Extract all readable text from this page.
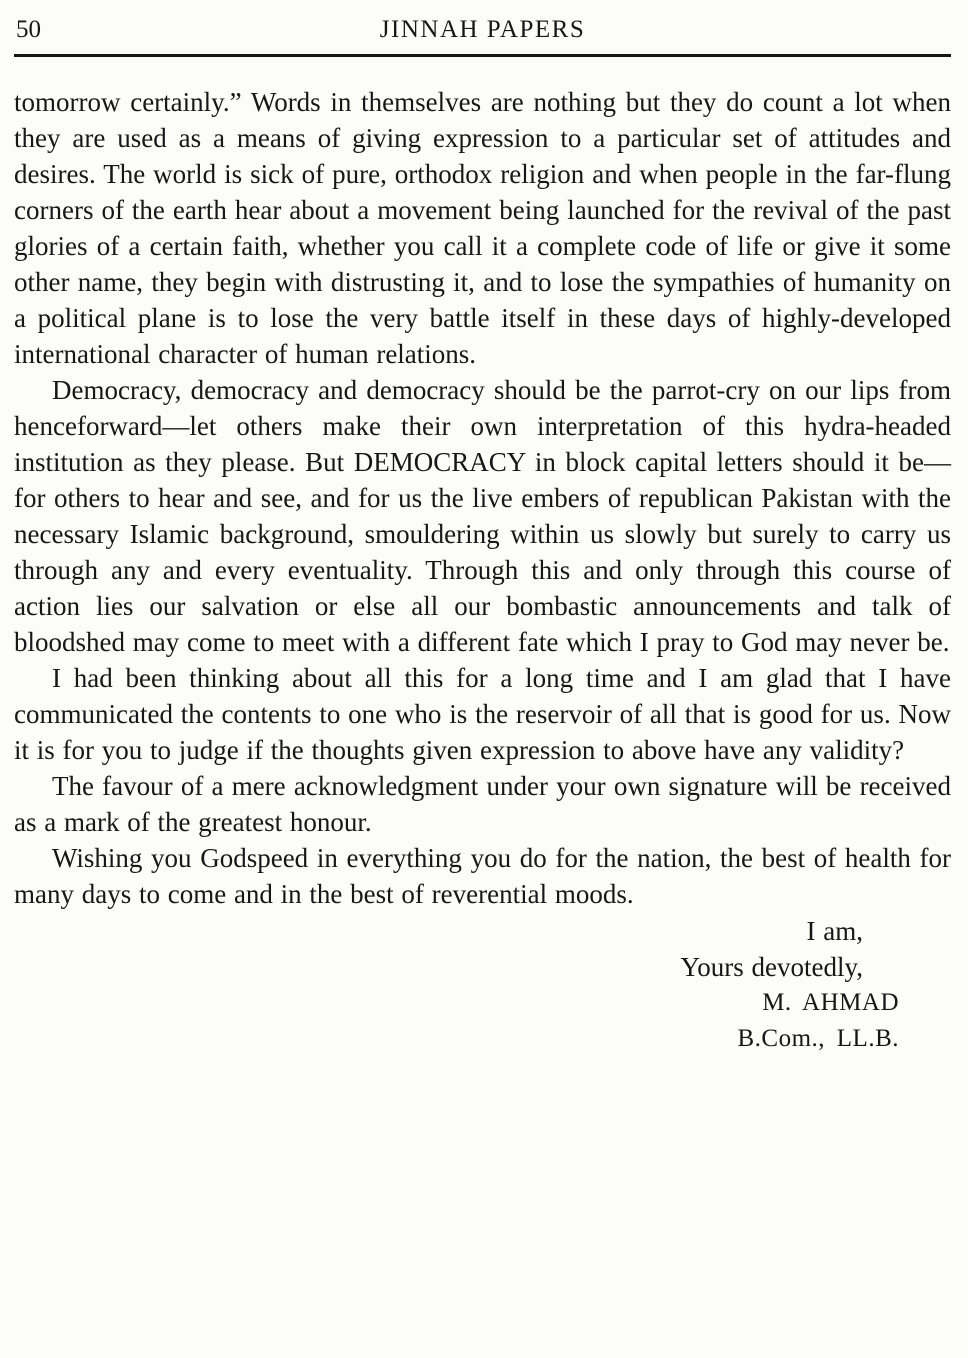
50	JINNAH PAPERS

tomorrow certainly.” Words in themselves are nothing but they do count a lot when they are used as a means of giving expression to a particular set of attitudes and desires. The world is sick of pure, orthodox religion and when people in the far-flung corners of the earth hear about a movement being launched for the revival of the past glories of a certain faith, whether you call it a complete code of life or give it some other name, they begin with distrusting it, and to lose the sympathies of humanity on a political plane is to lose the very battle itself in these days of highly-developed international character of human relations.

Democracy, democracy and democracy should be the parrot-cry on our lips from henceforward—let others make their own interpretation of this hydra-headed institution as they please. But DEMOCRACY in block capital letters should it be—for others to hear and see, and for us the live embers of republican Pakistan with the necessary Islamic background, smouldering within us slowly but surely to carry us through any and every eventuality. Through this and only through this course of action lies our salvation or else all our bombastic announcements and talk of bloodshed may come to meet with a different fate which I pray to God may never be.

I had been thinking about all this for a long time and I am glad that I have communicated the contents to one who is the reservoir of all that is good for us. Now it is for you to judge if the thoughts given expression to above have any validity?

The favour of a mere acknowledgment under your own signature will be received as a mark of the greatest honour.

Wishing you Godspeed in everything you do for the nation, the best of health for many days to come and in the best of reverential moods.

I am,

Yours devotedly,

M. AHMAD

B.Com., LL.B.
